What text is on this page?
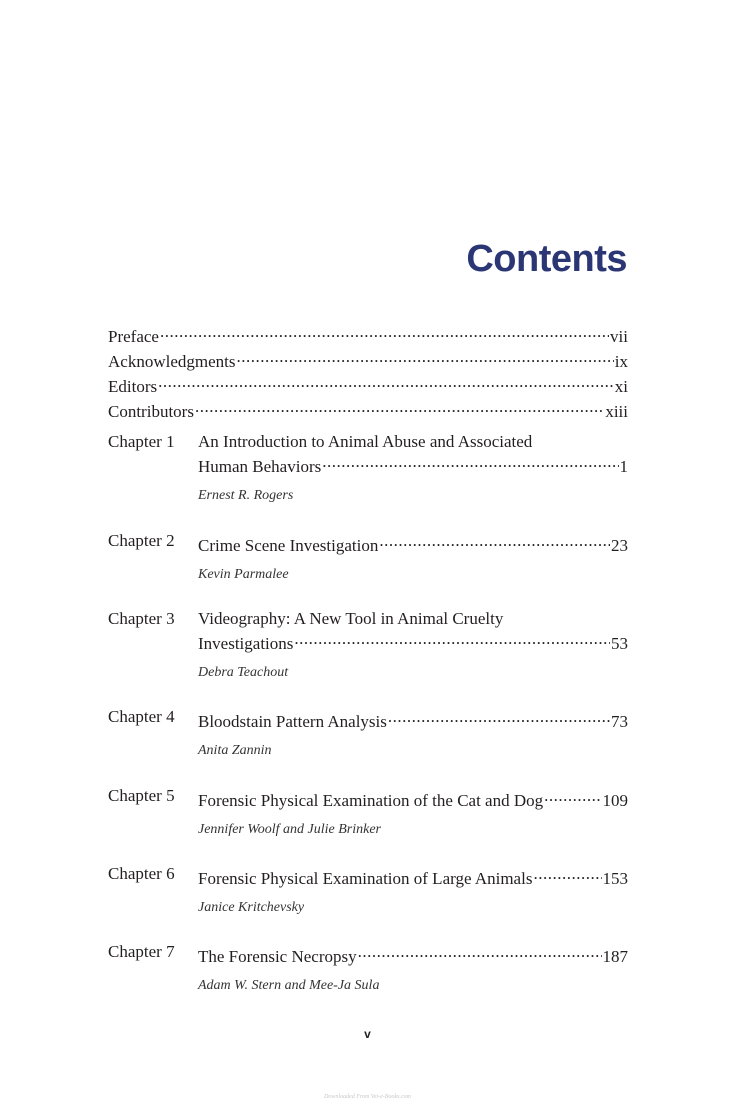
Contents
Preface .....	vii
Acknowledgments .....	ix
Editors .....	xi
Contributors .....	xiii
Chapter 1 An Introduction to Animal Abuse and Associated
Human Behaviors .....	1
Ernest R. Rogers
Chapter 2 Crime Scene Investigation .....	23
Kevin Parmalee
Chapter 3 Videography: A New Tool in Animal Cruelty
Investigations .....	53
Debra Teachout
Chapter 4 Bloodstain Pattern Analysis .....	73
Anita Zannin
Chapter 5 Forensic Physical Examination of the Cat and Dog .....	109
Jennifer Woolf and Julie Brinker
Chapter 6 Forensic Physical Examination of Large Animals .....	153
Janice Kritchevsky
Chapter 7 The Forensic Necropsy .....	187
Adam W. Stern and Mee-Ja Sula
v
Downloaded From Vet-e-Books.com
